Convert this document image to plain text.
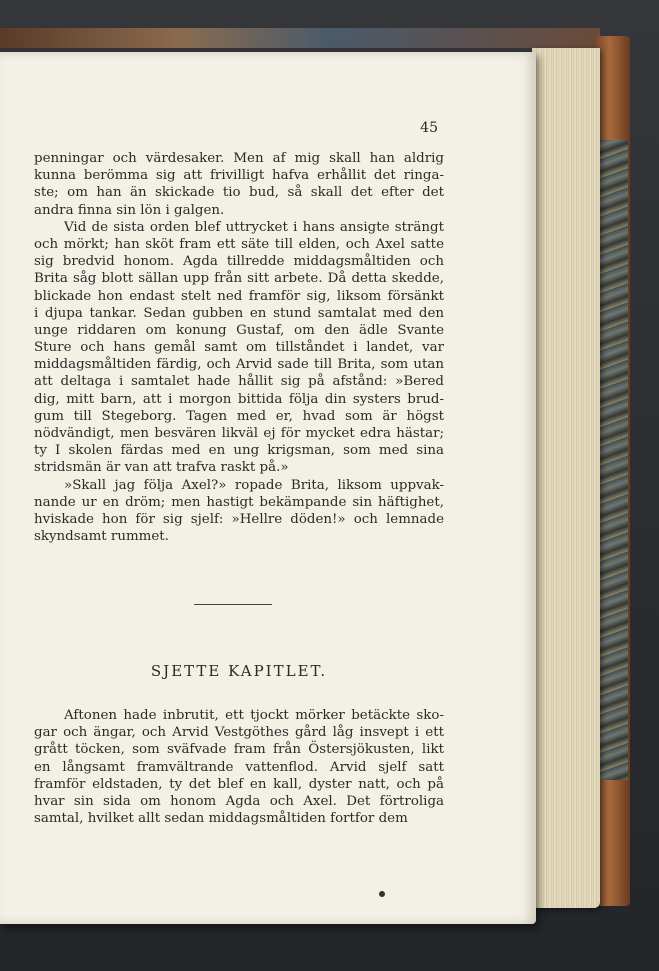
45
penningar och värdesaker. Men af mig skall han aldrig
kunna berömma sig att frivilligt hafva erhållit det ringa-
ste; om han än skickade tio bud, så skall det efter det
andra finna sin lön i galgen.
Vid de sista orden blef uttrycket i hans ansigte strängt
och mörkt; han sköt fram ett säte till elden, och Axel satte
sig bredvid honom. Agda tillredde middagsmåltiden och
Brita såg blott sällan upp från sitt arbete. Då detta skedde,
blickade hon endast stelt ned framför sig, liksom försänkt
i djupa tankar. Sedan gubben en stund samtalat med den
unge riddaren om konung Gustaf, om den ädle Svante
Sture och hans gemål samt om tillståndet i landet, var
middagsmåltiden färdig, och Arvid sade till Brita, som utan
att deltaga i samtalet hade hållit sig på afstånd: »Bered
dig, mitt barn, att i morgon bittida följa din systers brud-
gum till Stegeborg. Tagen med er, hvad som är högst
nödvändigt, men besvären likväl ej för mycket edra hästar;
ty I skolen färdas med en ung krigsman, som med sina
stridsmän är van att trafva raskt på.»
»Skall jag följa Axel?» ropade Brita, liksom uppvak-
nande ur en dröm; men hastigt bekämpande sin häftighet,
hviskade hon för sig sjelf: »Hellre döden!» och lemnade
skyndsamt rummet.
SJETTE KAPITLET.
Aftonen hade inbrutit, ett tjockt mörker betäckte sko-
gar och ängar, och Arvid Vestgöthes gård låg insvept i ett
grått töcken, som sväfvade fram från Östersjökusten, likt
en långsamt framvältrande vattenflod. Arvid sjelf satt
framför eldstaden, ty det blef en kall, dyster natt, och på
hvar sin sida om honom Agda och Axel. Det förtroliga
samtal, hvilket allt sedan middagsmåltiden fortfor dem
